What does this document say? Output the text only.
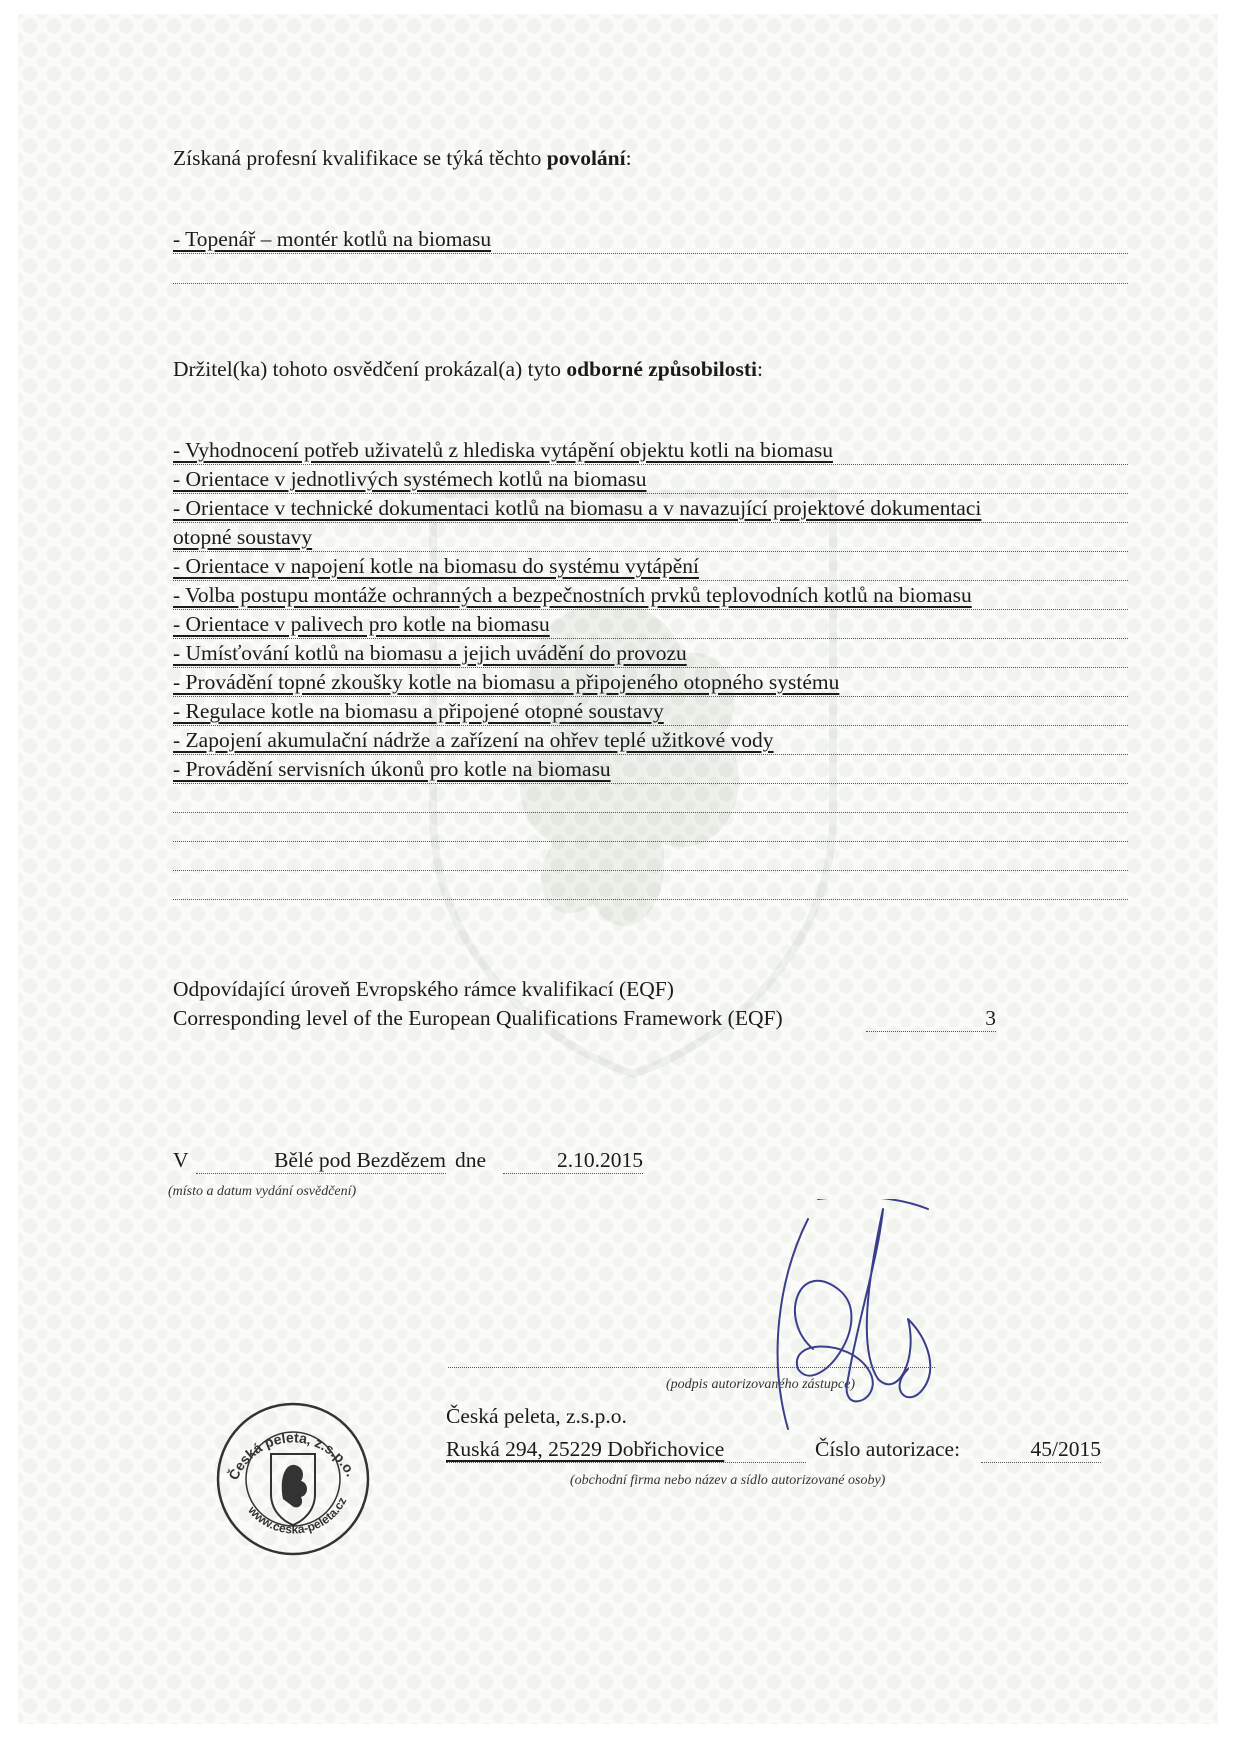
Získaná profesní kvalifikace se týká těchto povolání:
- Topenář – montér kotlů na biomasu
Držitel(ka) tohoto osvědčení prokázal(a) tyto odborné způsobilosti:
- Vyhodnocení potřeb uživatelů z hlediska vytápění objektu kotli na biomasu
- Orientace v jednotlivých systémech kotlů na biomasu
- Orientace v technické dokumentaci kotlů na biomasu a v navazující projektové dokumentaci
otopné soustavy
- Orientace v napojení kotle na biomasu do systému vytápění
- Volba postupu montáže ochranných a bezpečnostních prvků teplovodních kotlů na biomasu
- Orientace v palivech pro kotle na biomasu
- Umísťování kotlů na biomasu a jejich uvádění do provozu
- Provádění topné zkoušky kotle na biomasu a připojeného otopného systému
- Regulace kotle na biomasu a připojené otopné soustavy
- Zapojení akumulační nádrže a zařízení na ohřev teplé užitkové vody
- Provádění servisních úkonů pro kotle na biomasu
Odpovídající úroveň Evropského rámce kvalifikací (EQF)
Corresponding level of the European Qualifications Framework (EQF)	3
V	Bělé pod Bezdězem dne	2.10.2015
(místo a datum vydání osvědčení)
(podpis autorizovaného zástupce)
Česká peleta, z.s.p.o.
www.ceska-peleta.cz
Česká peleta, z.s.p.o.
Ruská 294, 25229 Dobřichovice	Číslo autorizace:	45/2015
(obchodní firma nebo název a sídlo autorizované osoby)
